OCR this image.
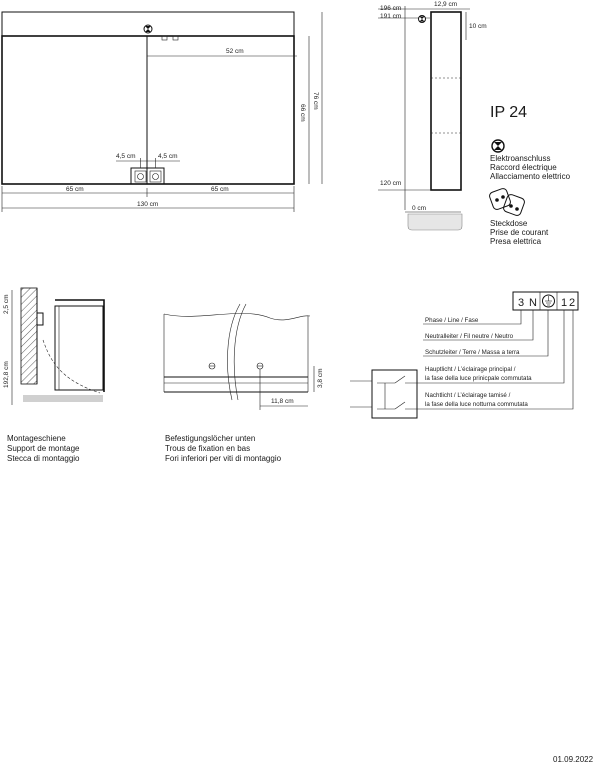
52 cm
66 cm
76 cm
4,5 cm	4,5 cm
65 cm	65 cm
130 cm
196 cm
191 cm
12,9 cm
10 cm
120 cm
0 cm
IP 24
Elektroanschluss
Raccord électrique
Allacciamento elettrico
Steckdose
Prise de courant
Presa elettrica
2,5 cm
192,8 cm
Montageschiene
Support de montage
Stecca di montaggio
11,8 cm
3,8 cm
Befestigungslöcher unten
Trous de fixation en bas
Fori inferiori per viti di montaggio
3 N 1 2
Phase / Line / Fase
Neutralleiter / Fil neutre / Neutro
Schutzleiter / Terre / Massa a terra
Hauptlicht / L’éclairage principal /
la fase della luce prinicpale commutata
Nachtlicht / L’éclairage tamisé /
la fase della luce notturna commutata
01.09.2022
